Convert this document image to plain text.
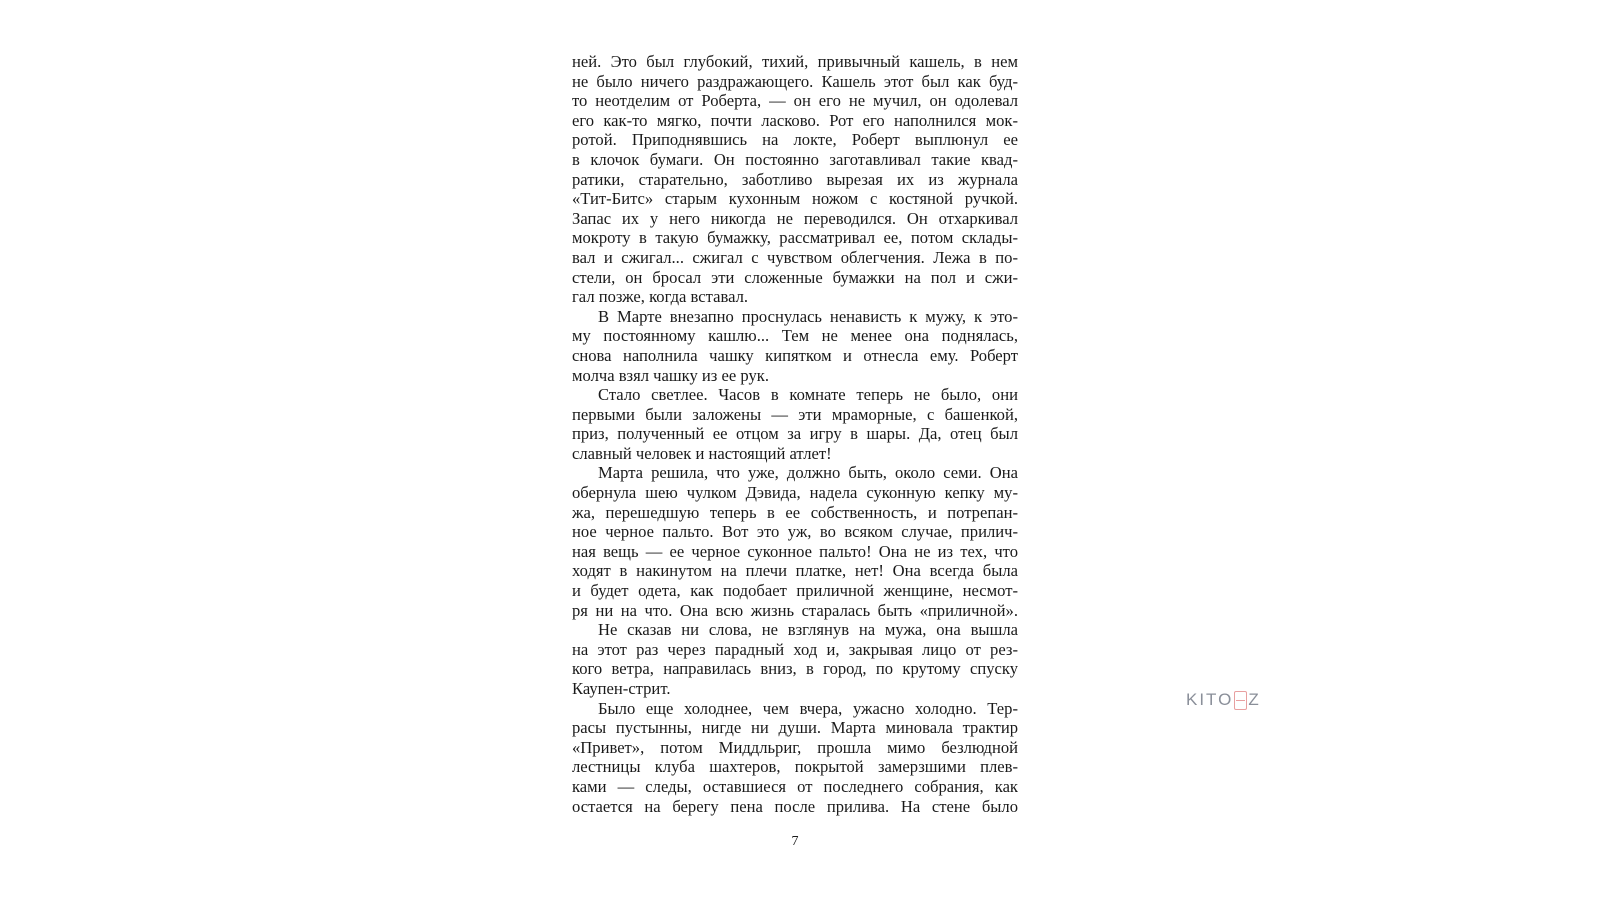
ней. Это был глубокий, тихий, привычный кашель, в нем
не было ничего раздражающего. Кашель этот был как буд-
то неотделим от Роберта, — он его не мучил, он одолевал
его как-то мягко, почти ласково. Рот его наполнился мок-
ротой. Приподнявшись на локте, Роберт выплюнул ее
в клочок бумаги. Он постоянно заготавливал такие квад-
ратики, старательно, заботливо вырезая их из журнала
«Тит-Битс» старым кухонным ножом с костяной ручкой.
Запас их у него никогда не переводился. Он отхаркивал
мокроту в такую бумажку, рассматривал ее, потом склады-
вал и сжигал... сжигал с чувством облегчения. Лежа в по-
стели, он бросал эти сложенные бумажки на пол и сжи-
гал позже, когда вставал.
В Марте внезапно проснулась ненависть к мужу, к это-
му постоянному кашлю... Тем не менее она поднялась,
снова наполнила чашку кипятком и отнесла ему. Роберт
молча взял чашку из ее рук.
Стало светлее. Часов в комнате теперь не было, они
первыми были заложены — эти мраморные, с башенкой,
приз, полученный ее отцом за игру в шары. Да, отец был
славный человек и настоящий атлет!
Марта решила, что уже, должно быть, около семи. Она
обернула шею чулком Дэвида, надела суконную кепку му-
жа, перешедшую теперь в ее собственность, и потрепан-
ное черное пальто. Вот это уж, во всяком случае, прилич-
ная вещь — ее черное суконное пальто! Она не из тех, что
ходят в накинутом на плечи платке, нет! Она всегда была
и будет одета, как подобает приличной женщине, несмот-
ря ни на что. Она всю жизнь старалась быть «приличной».
Не сказав ни слова, не взглянув на мужа, она вышла
на этот раз через парадный ход и, закрывая лицо от рез-
кого ветра, направилась вниз, в город, по крутому спуску
Каупен-стрит.
Было еще холоднее, чем вчера, ужасно холодно. Тер-
расы пустынны, нигде ни души. Марта миновала трактир
«Привет», потом Миддльриг, прошла мимо безлюдной
лестницы клуба шахтеров, покрытой замерзшими плев-
ками — следы, оставшиеся от последнего собрания, как
остается на берегу пена после прилива. На стене было
7
KITO Z
